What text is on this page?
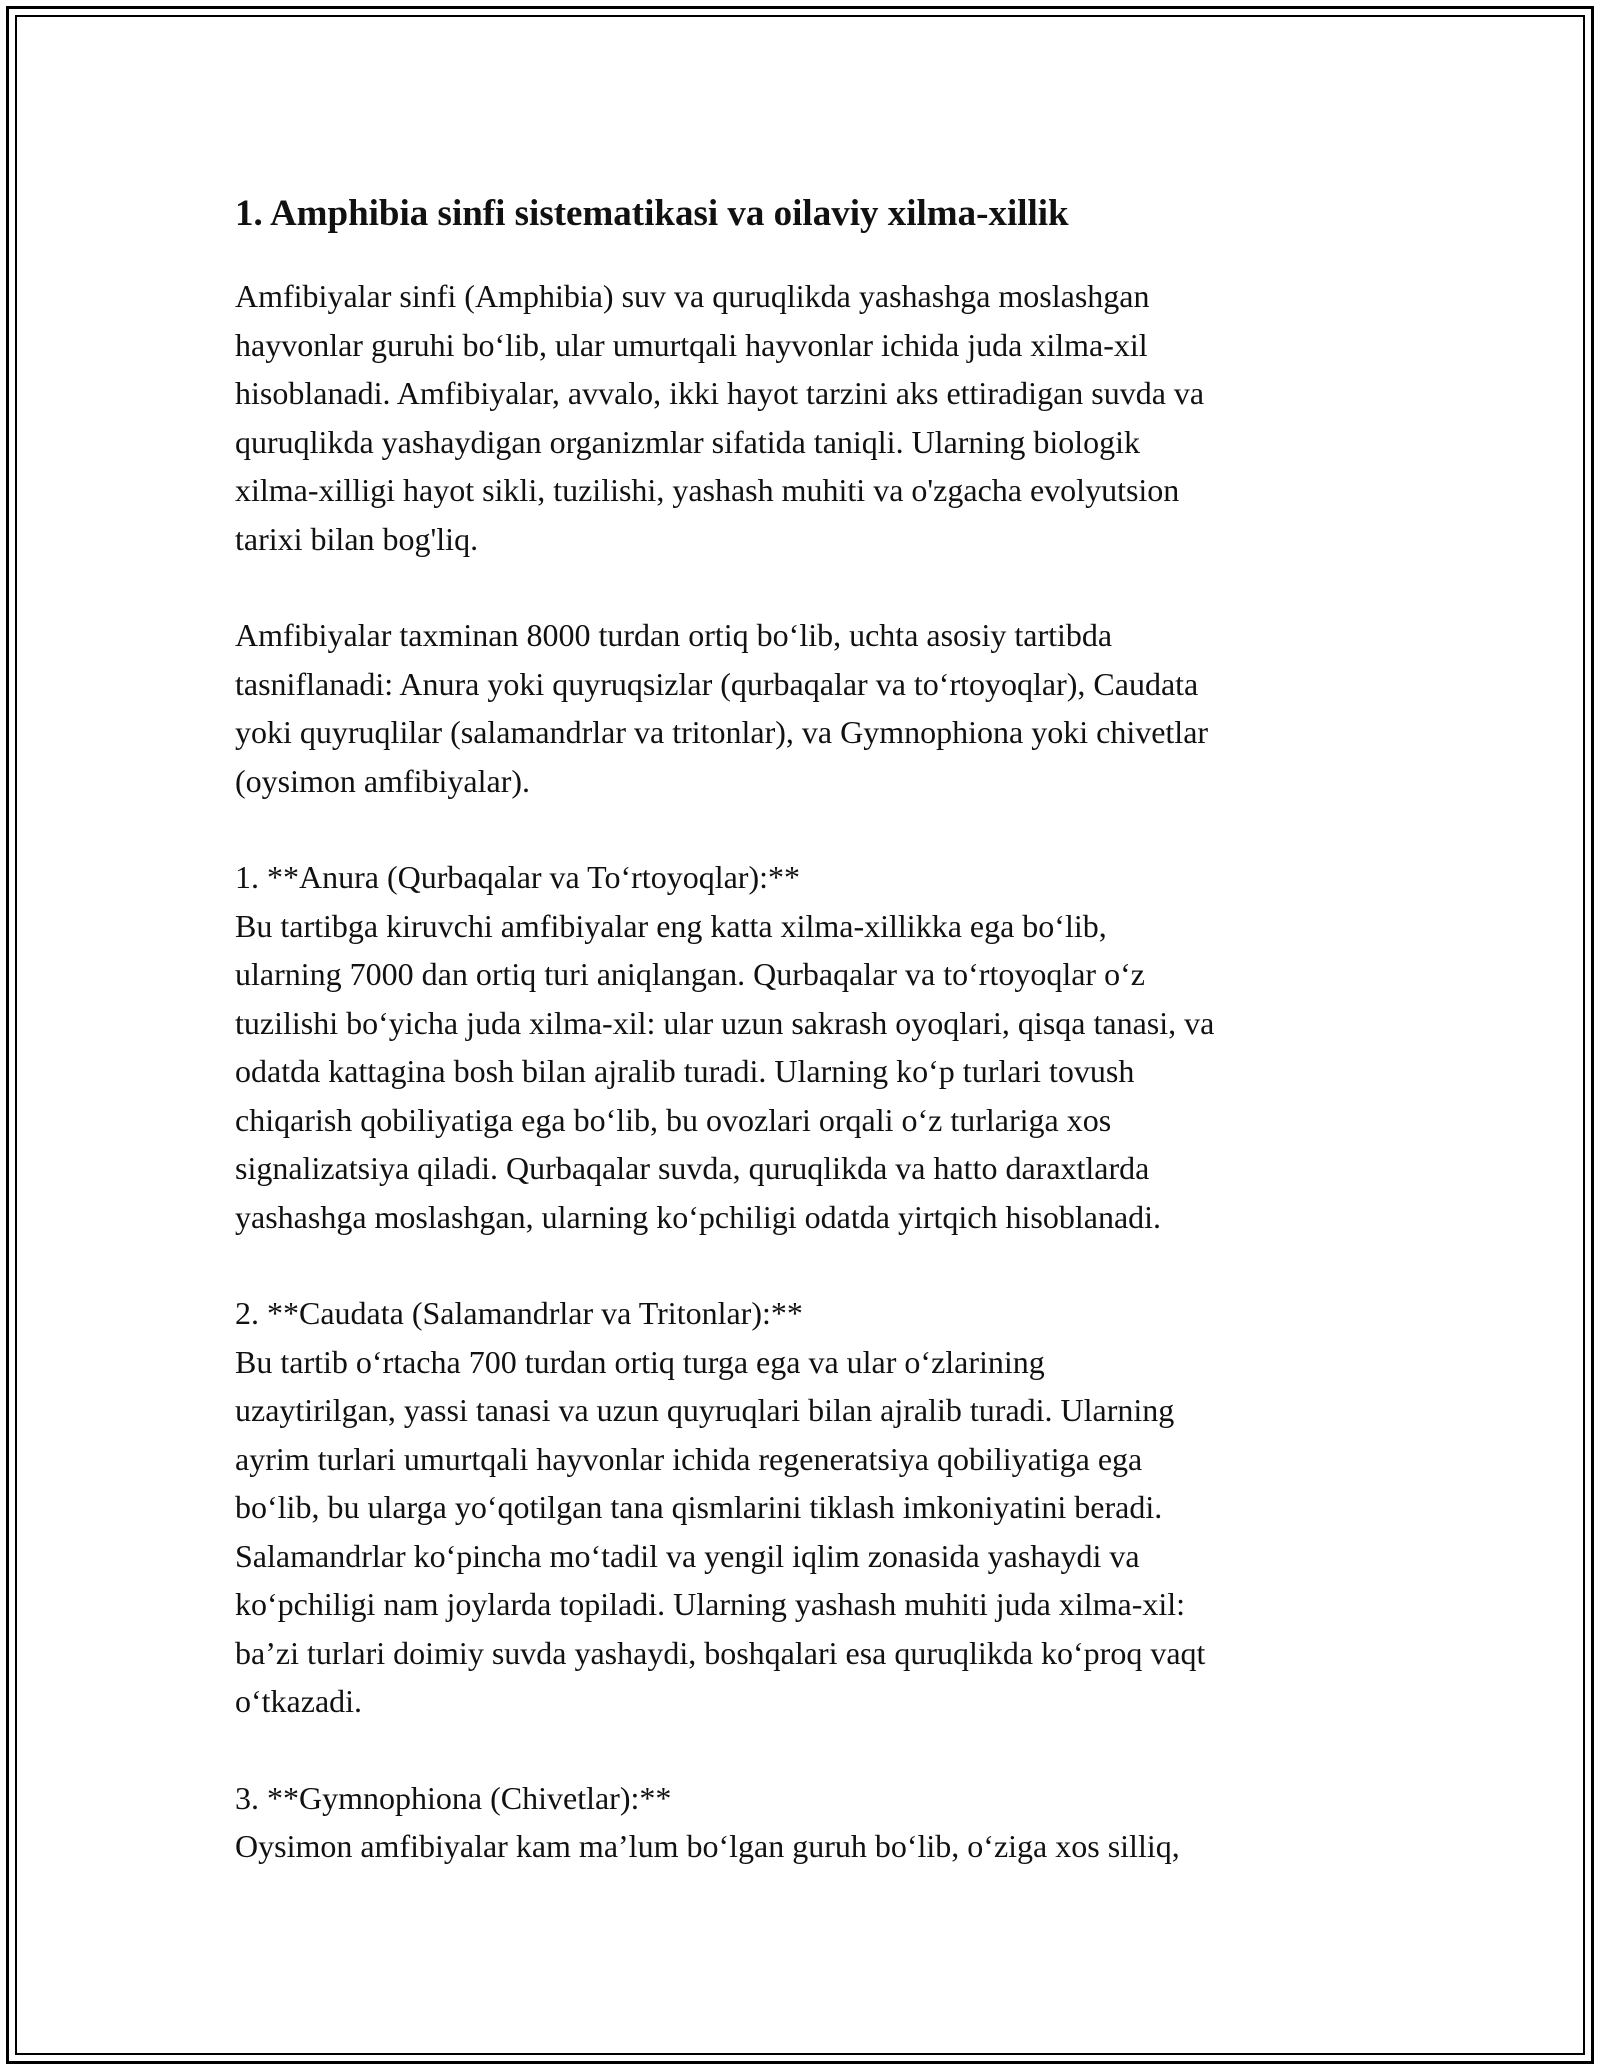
1. Amphibia sinfi sistematikasi va oilaviy xilma-xillik

Amfibiyalar sinfi (Amphibia) suv va quruqlikda yashashga moslashgan
hayvonlar guruhi bo‘lib, ular umurtqali hayvonlar ichida juda xilma-xil
hisoblanadi. Amfibiyalar, avvalo, ikki hayot tarzini aks ettiradigan suvda va
quruqlikda yashaydigan organizmlar sifatida taniqli. Ularning biologik
xilma-xilligi hayot sikli, tuzilishi, yashash muhiti va o'zgacha evolyutsion
tarixi bilan bog'liq.

Amfibiyalar taxminan 8000 turdan ortiq bo‘lib, uchta asosiy tartibda
tasniflanadi: Anura yoki quyruqsizlar (qurbaqalar va to‘rtoyoqlar), Caudata
yoki quyruqlilar (salamandrlar va tritonlar), va Gymnophiona yoki chivetlar
(oysimon amfibiyalar).

1. **Anura (Qurbaqalar va To‘rtoyoqlar):**
Bu tartibga kiruvchi amfibiyalar eng katta xilma-xillikka ega bo‘lib,
ularning 7000 dan ortiq turi aniqlangan. Qurbaqalar va to‘rtoyoqlar o‘z
tuzilishi bo‘yicha juda xilma-xil: ular uzun sakrash oyoqlari, qisqa tanasi, va
odatda kattagina bosh bilan ajralib turadi. Ularning ko‘p turlari tovush
chiqarish qobiliyatiga ega bo‘lib, bu ovozlari orqali o‘z turlariga xos
signalizatsiya qiladi. Qurbaqalar suvda, quruqlikda va hatto daraxtlarda
yashashga moslashgan, ularning ko‘pchiligi odatda yirtqich hisoblanadi.
2. **Caudata (Salamandrlar va Tritonlar):**
Bu tartib o‘rtacha 700 turdan ortiq turga ega va ular o‘zlarining
uzaytirilgan, yassi tanasi va uzun quyruqlari bilan ajralib turadi. Ularning
ayrim turlari umurtqali hayvonlar ichida regeneratsiya qobiliyatiga ega
bo‘lib, bu ularga yo‘qotilgan tana qismlarini tiklash imkoniyatini beradi.
Salamandrlar ko‘pincha mo‘tadil va yengil iqlim zonasida yashaydi va
ko‘pchiligi nam joylarda topiladi. Ularning yashash muhiti juda xilma-xil:
ba’zi turlari doimiy suvda yashaydi, boshqalari esa quruqlikda ko‘proq vaqt
o‘tkazadi.
3. **Gymnophiona (Chivetlar):**
Oysimon amfibiyalar kam ma’lum bo‘lgan guruh bo‘lib, o‘ziga xos silliq,
